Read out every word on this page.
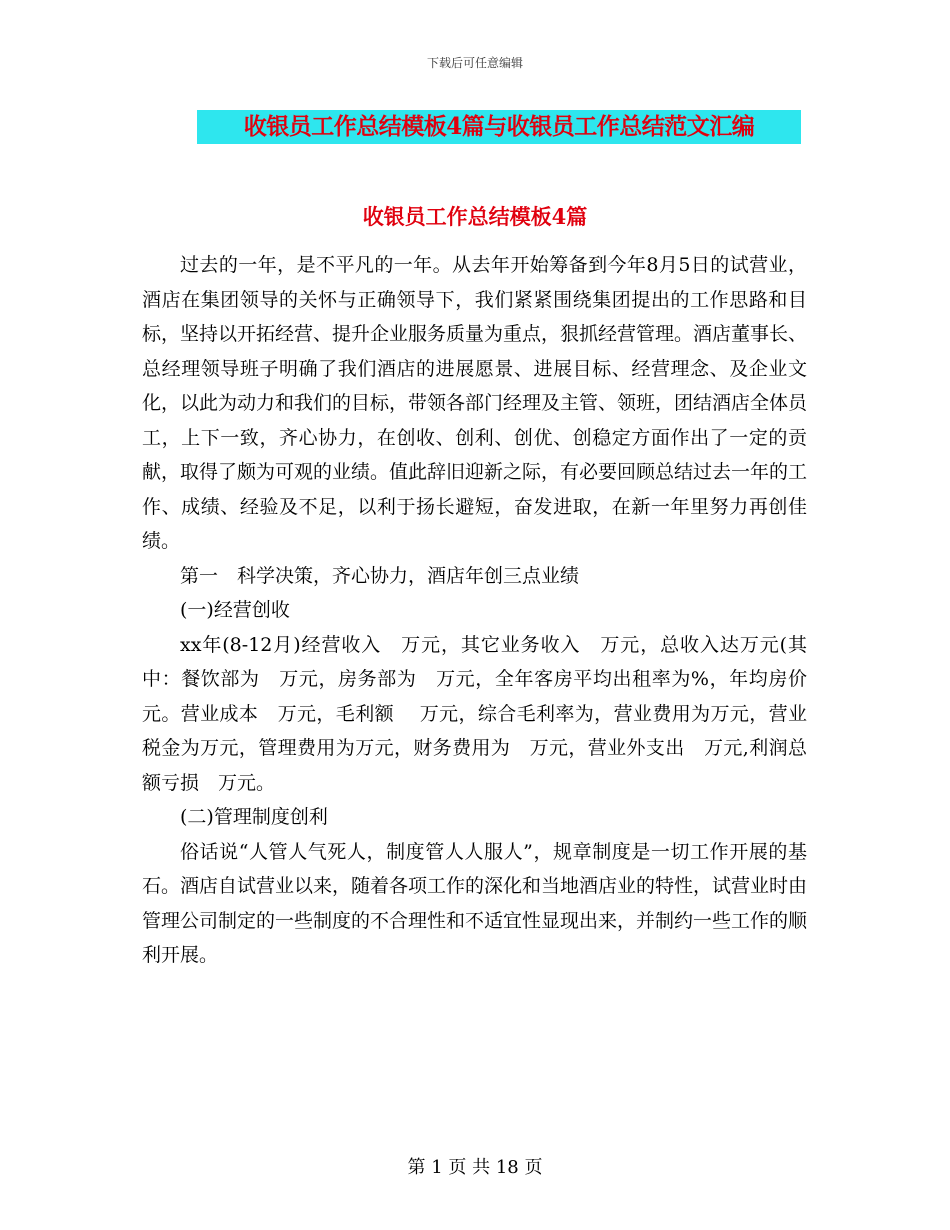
下载后可任意编辑
收银员工作总结模板4篇与收银员工作总结范文汇编
收银员工作总结模板4篇

过去的一年，是不平凡的一年。从去年开始筹备到今年8月5日的试营业，酒店在集团领导的关怀与正确领导下，我们紧紧围绕集团提出的工作思路和目标，坚持以开拓经营、提升企业服务质量为重点，狠抓经营管理。酒店董事长、总经理领导班子明确了我们酒店的进展愿景、进展目标、经营理念、及企业文化，以此为动力和我们的目标，带领各部门经理及主管、领班，团结酒店全体员工，上下一致，齐心协力，在创收、创利、创优、创稳定方面作出了一定的贡献，取得了颇为可观的业绩。值此辞旧迎新之际，有必要回顾总结过去一年的工作、成绩、经验及不足，以利于扬长避短，奋发进取，在新一年里努力再创佳绩。

第一　科学决策，齐心协力，酒店年创三点业绩

(一)经营创收

xx年(8-12月)经营收入　万元，其它业务收入　万元，总收入达万元(其中：餐饮部为　万元，房务部为　万元，全年客房平均出租率为%，年均房价　元。营业成本　万元，毛利额　 万元，综合毛利率为，营业费用为万元，营业税金为万元，管理费用为万元，财务费用为　万元，营业外支出　万元,利润总额亏损　万元。

(二)管理制度创利

俗话说“人管人气死人，制度管人人服人”，规章制度是一切工作开展的基石。酒店自试营业以来，随着各项工作的深化和当地酒店业的特性，试营业时由管理公司制定的一些制度的不合理性和不适宜性显现出来，并制约一些工作的顺利开展。

第 1 页 共 18 页
